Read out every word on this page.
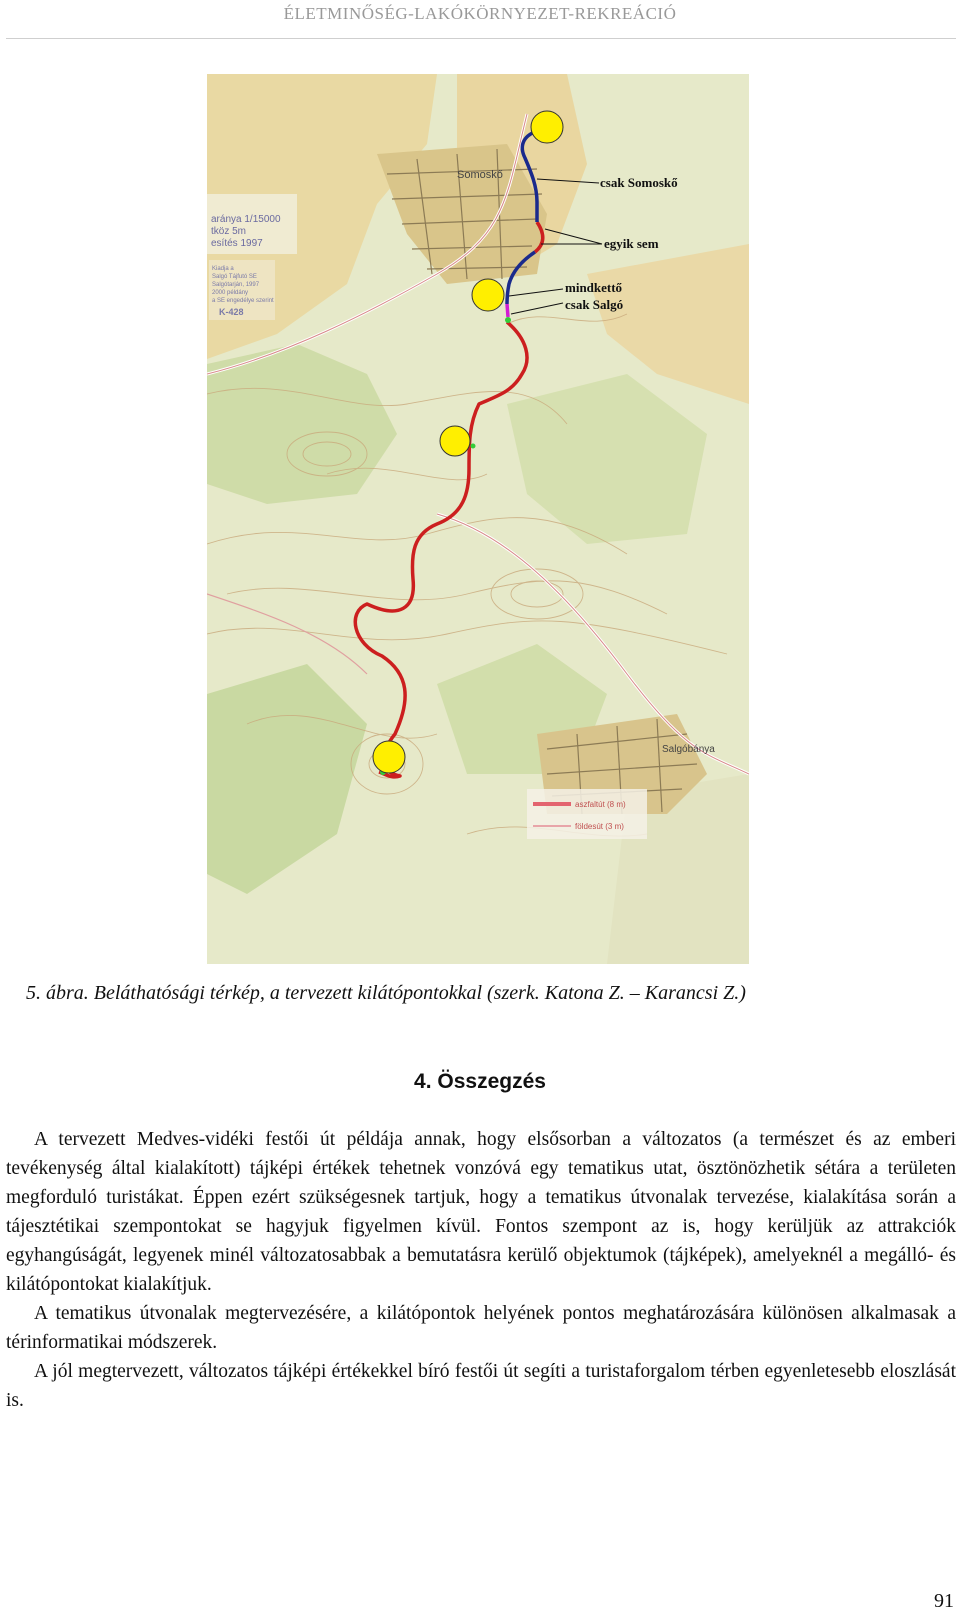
ÉLETMINŐSÉG-LAKÓKÖRNYEZET-REKREÁCIÓ
aránya 1/15000
tköz 5m
esítés 1997
Kiadja a
Salgó Tájfutó SE
Salgótarján, 1997
2000 példány
a SE engedélye szerint
K-428
Somoskő
Salgóbánya
csak Somoskő
egyik sem
mindkettő
csak Salgó
aszfaltút (8 m)
földesút (3 m)
5. ábra. Beláthatósági térkép, a tervezett kilátópontokkal (szerk. Katona Z. – Karancsi Z.)
4. Összegzés

A tervezett Medves-vidéki festői út példája annak, hogy elsősorban a változatos (a természet és az emberi tevékenység által kialakított) tájképi értékek tehetnek vonzóvá egy tematikus utat, ösztönözhetik sétára a területen megforduló turistákat. Éppen ezért szükségesnek tartjuk, hogy a tematikus útvonalak tervezése, kialakítása során a tájesztétikai szempontokat se hagyjuk figyelmen kívül. Fontos szempont az is, hogy kerüljük az attrakciók egyhangúságát, legyenek minél változatosabbak a bemutatásra kerülő objektumok (tájképek), amelyeknél a megálló- és kilátópontokat kialakítjuk.

A tematikus útvonalak megtervezésére, a kilátópontok helyének pontos meghatározására különösen alkalmasak a térinformatikai módszerek.

A jól megtervezett, változatos tájképi értékekkel bíró festői út segíti a turistaforgalom térben egyenletesebb eloszlását is.

91
